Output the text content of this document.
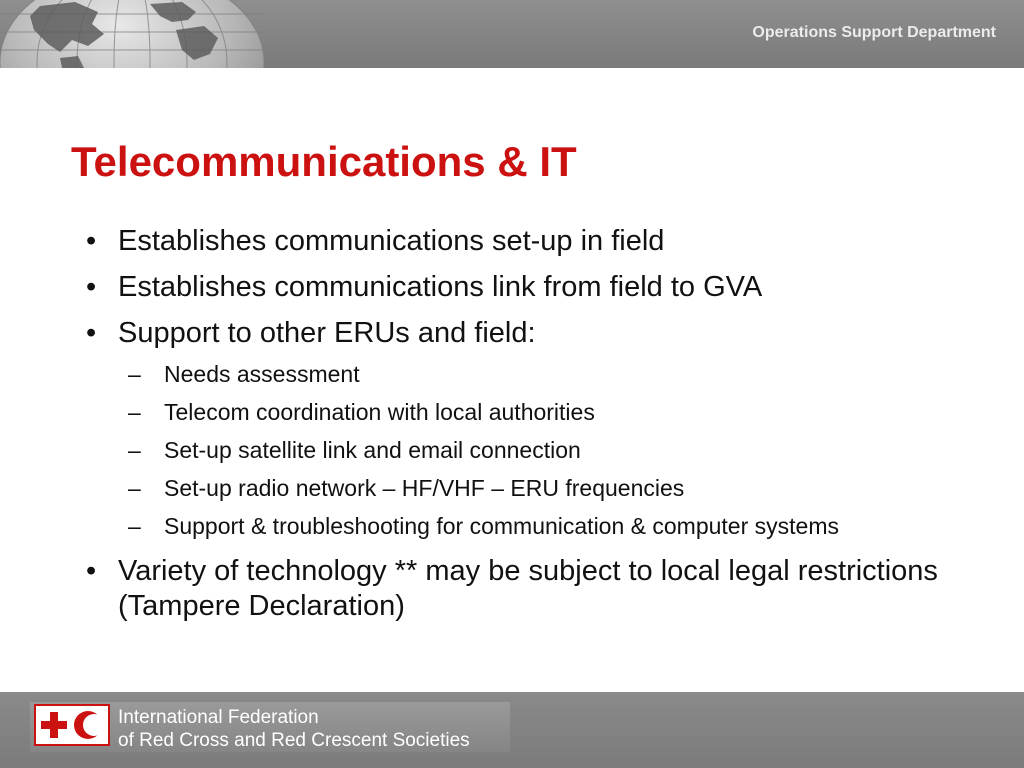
Operations Support Department
Telecommunications & IT
• Establishes communications set-up in field
• Establishes communications link from field to GVA
• Support to other ERUs and field:
– Needs assessment
– Telecom coordination with local authorities
– Set-up satellite link and email connection
– Set-up radio network – HF/VHF – ERU frequencies
– Support & troubleshooting for communication & computer systems
• Variety of technology ** may be subject to local legal restrictions (Tampere Declaration)
International Federation
of Red Cross and Red Crescent Societies
